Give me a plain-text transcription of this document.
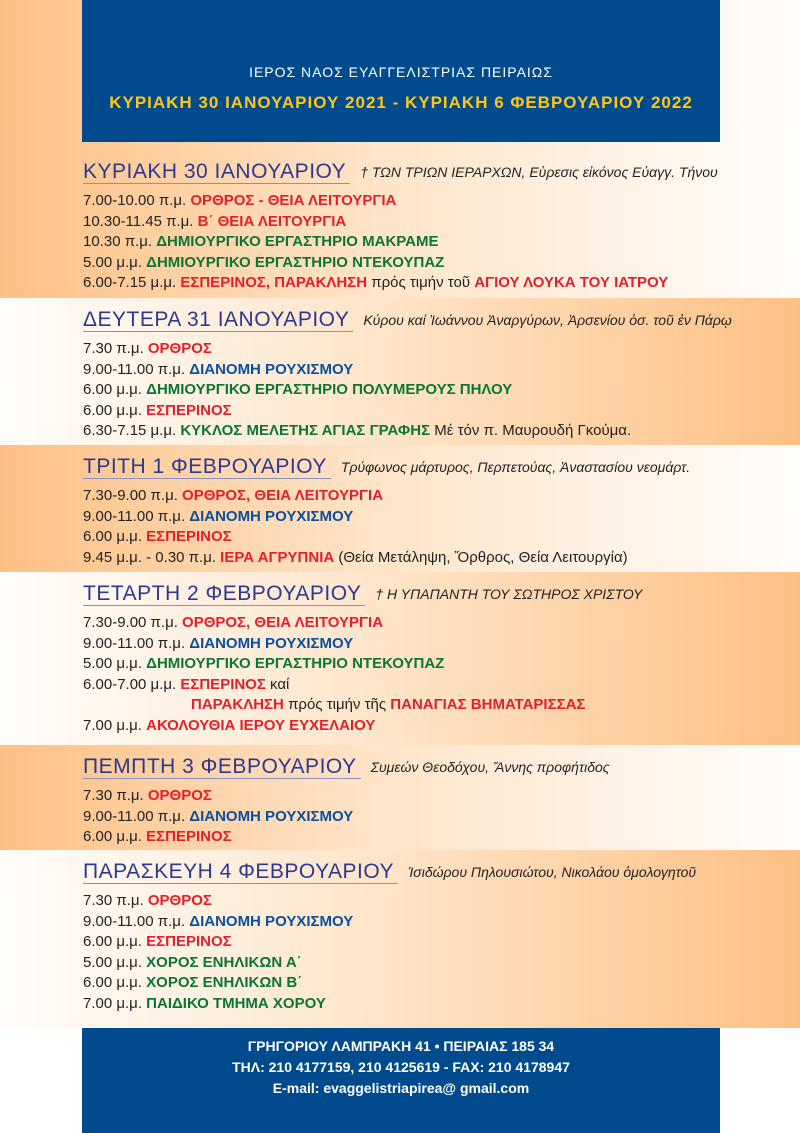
ΙΕΡΟΣ ΝΑΟΣ ΕΥΑΓΓΕΛΙΣΤΡΙΑΣ ΠΕΙΡΑΙΩΣ
ΚΥΡΙΑΚΗ 30 ΙΑΝΟΥΑΡΙΟΥ 2021 - ΚΥΡΙΑΚΗ 6 ΦΕΒΡΟΥΑΡΙΟΥ 2022
ΚΥΡΙΑΚΗ 30 ΙΑΝΟΥΑΡΙΟΥ † ΤΩΝ ΤΡΙΩΝ ΙΕΡΑΡΧΩΝ, Εὑρεσις εἰκόνος Εὐαγγ. Τήνου
7.00-10.00 π.μ. ΟΡΘΡΟΣ - ΘΕΙΑ ΛΕΙΤΟΥΡΓΙΑ
10.30-11.45 π.μ. Β΄ ΘΕΙΑ ΛΕΙΤΟΥΡΓΙΑ
10.30 π.μ. ΔΗΜΙΟΥΡΓΙΚΟ ΕΡΓΑΣΤΗΡΙΟ ΜΑΚΡΑΜΕ
5.00 μ.μ. ΔΗΜΙΟΥΡΓΙΚΟ ΕΡΓΑΣΤΗΡΙΟ ΝΤΕΚΟΥΠΑΖ
6.00-7.15 μ.μ. ΕΣΠΕΡΙΝΟΣ, ΠΑΡΑΚΛΗΣΗ πρός τιμήν τοῦ ΑΓΙΟΥ ΛΟΥΚΑ ΤΟΥ ΙΑΤΡΟΥ
ΔΕΥΤΕΡΑ 31 ΙΑΝΟΥΑΡΙΟΥ Κύρου καί Ἰωάννου Ἀναργύρων, Ἀρσενίου ὁσ. τοῦ ἐν Πάρῳ
7.30 π.μ. ΟΡΘΡΟΣ
9.00-11.00 π.μ. ΔΙΑΝΟΜΗ ΡΟΥΧΙΣΜΟΥ
6.00 μ.μ. ΔΗΜΙΟΥΡΓΙΚΟ ΕΡΓΑΣΤΗΡΙΟ ΠΟΛΥΜΕΡΟΥΣ ΠΗΛΟΥ
6.00 μ.μ. ΕΣΠΕΡΙΝΟΣ
6.30-7.15 μ.μ. ΚΥΚΛΟΣ ΜΕΛΕΤΗΣ ΑΓΙΑΣ ΓΡΑΦΗΣ Μέ τόν π. Μαυρουδή Γκούμα.
ΤΡΙΤΗ 1 ΦΕΒΡΟΥΑΡΙΟΥ Τρύφωνος μάρτυρος, Περπετούας, Ἀναστασίου νεομάρτ.
7.30-9.00 π.μ. ΟΡΘΡΟΣ, ΘΕΙΑ ΛΕΙΤΟΥΡΓΙΑ
9.00-11.00 π.μ. ΔΙΑΝΟΜΗ ΡΟΥΧΙΣΜΟΥ
6.00 μ.μ. ΕΣΠΕΡΙΝΟΣ
9.45 μ.μ. - 0.30 π.μ. ΙΕΡΑ ΑΓΡΥΠΝΙΑ (Θεία Μετάληψη, Ὄρθρος, Θεία Λειτουργία)
ΤΕΤΑΡΤΗ 2 ΦΕΒΡΟΥΑΡΙΟΥ † Η ΥΠΑΠΑΝΤΗ ΤΟΥ ΣΩΤΗΡΟΣ ΧΡΙΣΤΟΥ
7.30-9.00 π.μ. ΟΡΘΡΟΣ, ΘΕΙΑ ΛΕΙΤΟΥΡΓΙΑ
9.00-11.00 π.μ. ΔΙΑΝΟΜΗ ΡΟΥΧΙΣΜΟΥ
5.00 μ.μ. ΔΗΜΙΟΥΡΓΙΚΟ ΕΡΓΑΣΤΗΡΙΟ ΝΤΕΚΟΥΠΑΖ
6.00-7.00 μ.μ. ΕΣΠΕΡΙΝΟΣ καί
ΠΑΡΑΚΛΗΣΗ πρός τιμήν τῆς ΠΑΝΑΓΙΑΣ ΒΗΜΑΤΑΡΙΣΣΑΣ
7.00 μ.μ. ΑΚΟΛΟΥΘΙΑ ΙΕΡΟΥ ΕΥΧΕΛΑΙΟΥ
ΠΕΜΠΤΗ 3 ΦΕΒΡΟΥΑΡΙΟΥ Συμεών Θεοδόχου, Ἄννης προφήτιδος
7.30 π.μ. ΟΡΘΡΟΣ
9.00-11.00 π.μ. ΔΙΑΝΟΜΗ ΡΟΥΧΙΣΜΟΥ
6.00 μ.μ. ΕΣΠΕΡΙΝΟΣ
ΠΑΡΑΣΚΕΥΗ 4 ΦΕΒΡΟΥΑΡΙΟΥ Ἰσιδώρου Πηλουσιώτου, Νικολάου ὁμολογητοῦ
7.30 π.μ. ΟΡΘΡΟΣ
9.00-11.00 π.μ. ΔΙΑΝΟΜΗ ΡΟΥΧΙΣΜΟΥ
6.00 μ.μ. ΕΣΠΕΡΙΝΟΣ
5.00 μ.μ. ΧΟΡΟΣ ΕΝΗΛΙΚΩΝ Α΄
6.00 μ.μ. ΧΟΡΟΣ ΕΝΗΛΙΚΩΝ Β΄
7.00 μ.μ. ΠΑΙΔΙΚΟ ΤΜΗΜΑ ΧΟΡΟΥ
ΓΡΗΓΟΡΙΟΥ ΛΑΜΠΡΑΚΗ 41 • ΠΕΙΡΑΙΑΣ 185 34
ΤΗΛ: 210 4177159, 210 4125619 - FAX: 210 4178947
E-mail: evaggelistriapirea@ gmail.com
